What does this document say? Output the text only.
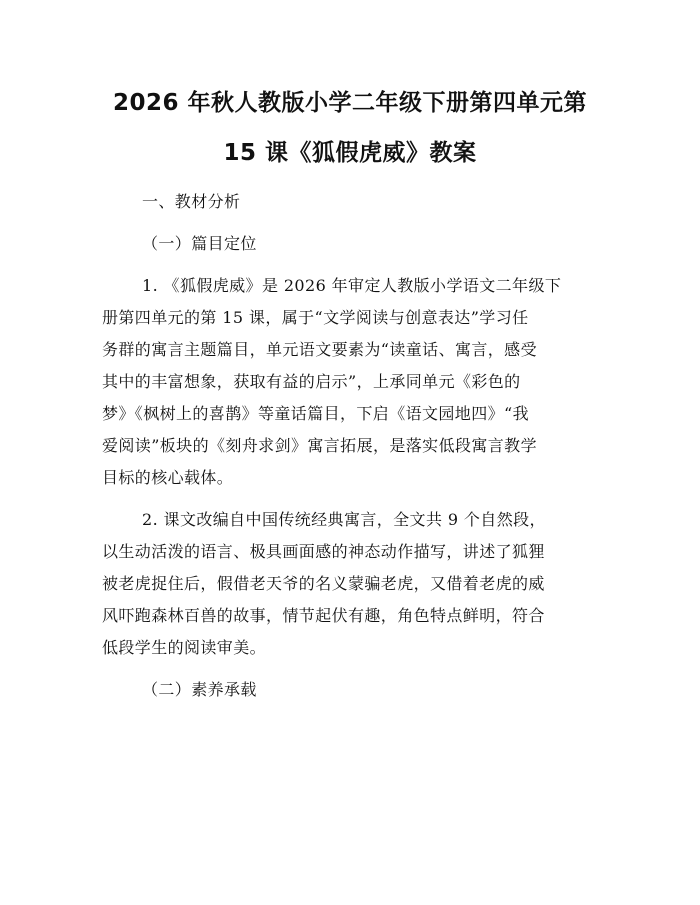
2026 年秋人教版小学二年级下册第四单元第
15 课《狐假虎威》教案

一、教材分析

（一）篇目定位

1. 《狐假虎威》是 2026 年审定人教版小学语文二年级下
册第四单元的第 15 课，属于“文学阅读与创意表达”学习任
务群的寓言主题篇目，单元语文要素为“读童话、寓言，感受
其中的丰富想象，获取有益的启示”，上承同单元《彩色的
梦》《枫树上的喜鹊》等童话篇目，下启《语文园地四》“我
爱阅读”板块的《刻舟求剑》寓言拓展，是落实低段寓言教学
目标的核心载体。

2. 课文改编自中国传统经典寓言，全文共 9 个自然段，
以生动活泼的语言、极具画面感的神态动作描写，讲述了狐狸
被老虎捉住后，假借老天爷的名义蒙骗老虎，又借着老虎的威
风吓跑森林百兽的故事，情节起伏有趣，角色特点鲜明，符合
低段学生的阅读审美。

（二）素养承载
